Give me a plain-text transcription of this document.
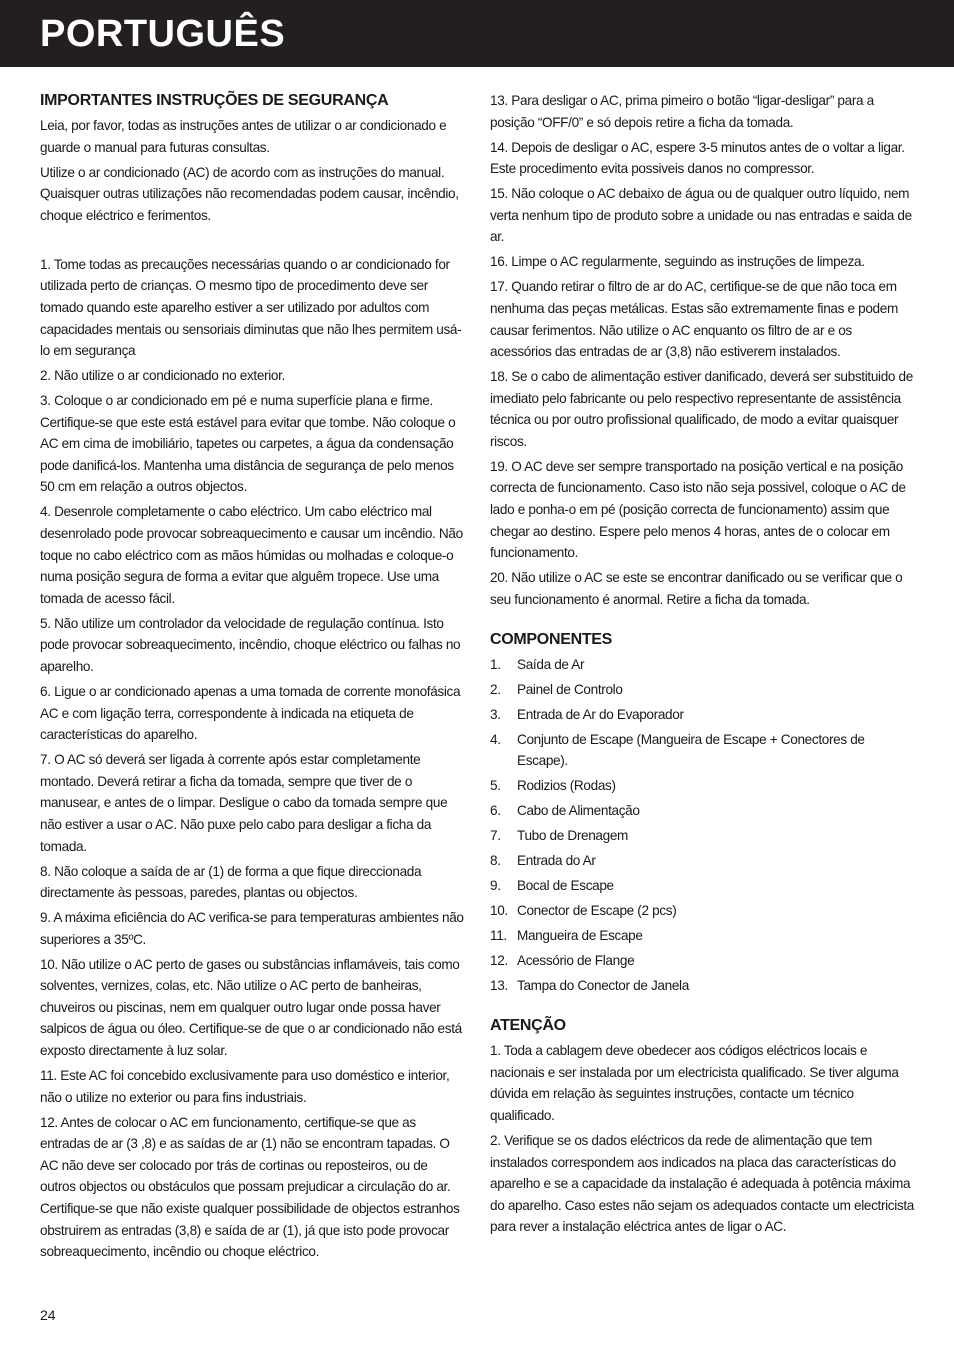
PORTUGUÊS
IMPORTANTES INSTRUÇÕES DE SEGURANÇA

Leia, por favor, todas as instruções antes de utilizar o ar condicionado e guarde o manual para futuras consultas.

Utilize o ar condicionado (AC) de acordo com as instruções do manual. Quaisquer outras utilizações não recomendadas podem causar, incêndio, choque eléctrico e ferimentos.

1. Tome todas as precauções necessárias quando o ar condicionado for utilizada perto de crianças. O mesmo tipo de procedimento deve ser tomado quando este aparelho estiver a ser utilizado por adultos com capacidades mentais ou sensoriais diminutas que não lhes permitem usá-lo em segurança

2. Não utilize o ar condicionado no exterior.

3. Coloque o ar condicionado em pé e numa superfície plana e firme. Certifique-se que este está estável para evitar que tombe. Não coloque o AC em cima de imobiliário, tapetes ou carpetes, a água da condensação pode danificá-los. Mantenha uma distância de segurança de pelo menos 50 cm em relação a outros objectos.

4. Desenrole completamente o cabo eléctrico. Um cabo eléctrico mal desenrolado pode provocar sobreaquecimento e causar um incêndio. Não toque no cabo eléctrico com as mãos húmidas ou molhadas e coloque-o numa posição segura de forma a evitar que alguêm tropece. Use uma tomada de acesso fácil.

5. Não utilize um controlador da velocidade de regulação contínua. Isto pode provocar sobreaquecimento, incêndio, choque eléctrico ou falhas no aparelho.

6. Ligue o ar condicionado apenas a uma tomada de corrente monofásica AC e com ligação terra, correspondente à indicada na etiqueta de características do aparelho.

7. O AC só deverá ser ligada à corrente após estar completamente montado. Deverá retirar a ficha da tomada, sempre que tiver de o manusear, e antes de o limpar. Desligue o cabo da tomada sempre que não estiver a usar o AC. Não puxe pelo cabo para desligar a ficha da tomada.

8. Não coloque a saída de ar (1) de forma a que fique direccionada directamente às pessoas, paredes, plantas ou objectos.

9. A máxima eficiência do AC verifica-se para temperaturas ambientes não superiores a 35ºC.

10. Não utilize o AC perto de gases ou substâncias inflamáveis, tais como solventes, vernizes, colas, etc. Não utilize o AC perto de banheiras, chuveiros ou piscinas, nem em qualquer outro lugar onde possa haver salpicos de água ou óleo. Certifique-se de que o ar condicionado não está exposto directamente à luz solar.

11. Este AC foi concebido exclusivamente para uso doméstico e interior, não o utilize no exterior ou para fins industriais.

12. Antes de colocar o AC em funcionamento, certifique-se que as entradas de ar (3 ,8) e as saídas de ar (1) não se encontram tapadas. O AC não deve ser colocado por trás de cortinas ou reposteiros, ou de outros objectos ou obstáculos que possam prejudicar a circulação do ar. Certifique-se que não existe qualquer possibilidade de objectos estranhos obstruirem as entradas (3,8) e saída de ar (1), já que isto pode provocar sobreaquecimento, incêndio ou choque eléctrico.

13. Para desligar o AC, prima pimeiro o botão “ligar-desligar” para a posição “OFF/0” e só depois retire a ficha da tomada.

14. Depois de desligar o AC, espere 3-5 minutos antes de o voltar a ligar. Este procedimento evita possiveis danos no compressor.

15. Não coloque o AC debaixo de água ou de qualquer outro líquido, nem verta nenhum tipo de produto sobre a unidade ou nas entradas e saida de ar.

16. Limpe o AC regularmente, seguindo as instruções de limpeza.

17. Quando retirar o filtro de ar do AC, certifique-se de que não toca em nenhuma das peças metálicas. Estas são extremamente finas e podem causar ferimentos. Não utilize o AC enquanto os filtro de ar e os acessórios das entradas de ar (3,8) não estiverem instalados.

18. Se o cabo de alimentação estiver danificado, deverá ser substituido de imediato pelo fabricante ou pelo respectivo representante de assistência técnica ou por outro profissional qualificado, de modo a evitar quaisquer riscos.

19. O AC deve ser sempre transportado na posição vertical e na posição correcta de funcionamento. Caso isto não seja possivel, coloque o AC de lado e ponha-o em pé (posição correcta de funcionamento) assim que chegar ao destino. Espere pelo menos 4 horas, antes de o colocar em funcionamento.

20. Não utilize o AC se este se encontrar danificado ou se verificar que o seu funcionamento é anormal. Retire a ficha da tomada.

COMPONENTES
1.	Saída de Ar
2.	Painel de Controlo
3.	Entrada de Ar do Evaporador
4.	Conjunto de Escape (Mangueira de Escape + Conectores de Escape).
5.	Rodizios (Rodas)
6.	Cabo de Alimentação
7.	Tubo de Drenagem
8.	Entrada do Ar
9.	Bocal de Escape
10. Conector de Escape (2 pcs)
11. Mangueira de Escape
12. Acessório de Flange
13. Tampa do Conector de Janela
ATENÇÃO

1. Toda a cablagem deve obedecer aos códigos eléctricos locais e nacionais e ser instalada por um electricista qualificado. Se tiver alguma dúvida em relação às seguintes instruções, contacte um técnico qualificado.

2. Verifique se os dados eléctricos da rede de alimentação que tem instalados correspondem aos indicados na placa das características do aparelho e se a capacidade da instalação é adequada à potência máxima do aparelho. Caso estes não sejam os adequados contacte um electricista para rever a instalação eléctrica antes de ligar o AC.

24
